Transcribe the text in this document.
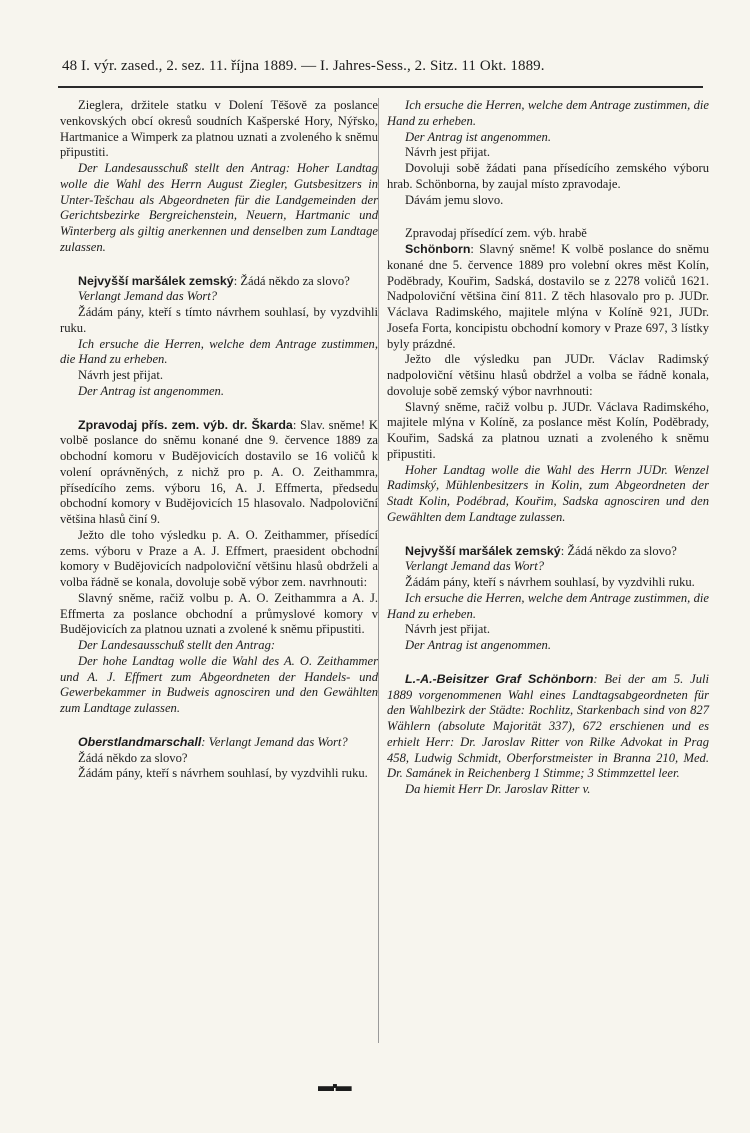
48 I. výr. zased., 2. sez. 11. října 1889. — I. Jahres-Sess., 2. Sitz. 11 Okt. 1889.

Zieglera, držitele statku v Dolení Těšově za poslance venkovských obcí okresů soudních Kašperské Hory, Nýřsko, Hartmanice a Wimperk za platnou uznati a zvoleného k sněmu připustiti.

Der Landesausschuß stellt den Antrag: Hoher Landtag wolle die Wahl des Herrn August Ziegler, Gutsbesitzers in Unter-Tešchau als Abgeordneten für die Landgemeinden der Gerichtsbezirke Bergreichenstein, Neuern, Hartmanic und Winterberg als giltig anerkennen und denselben zum Landtage zulassen.

Nejvyšší maršálek zemský: Žádá někdo za slovo?

Verlangt Jemand das Wort?

Žádám pány, kteří s tímto návrhem souhlasí, by vyzdvihli ruku.

Ich ersuche die Herren, welche dem Antrage zustimmen, die Hand zu erheben.

Návrh jest přijat.

Der Antrag ist angenommen.

Zpravodaj přís. zem. výb. dr. Škarda: Slav. sněme! K volbě poslance do sněmu konané dne 9. července 1889 za obchodní komoru v Budějovicích dostavilo se 16 voličů k volení oprávněných, z nichž pro p. A. O. Zeithammra, přísedícího zems. výboru 16, A. J. Effmerta, předsedu obchodní komory v Budějovicích 15 hlasovalo. Nadpoloviční většina hlasů činí 9.

Ježto dle toho výsledku p. A. O. Zeithammer, přísedící zems. výboru v Praze a A. J. Effmert, praesident obchodní komory v Budějovicích nadpoloviční většinu hlasů obdrželi a volba řádně se konala, dovoluje sobě výbor zem. navrhnouti:

Slavný sněme, račiž volbu p. A. O. Zeithammra a A. J. Effmerta za poslance obchodní a průmyslové komory v Budějovicích za platnou uznati a zvolené k sněmu připustiti.

Der Landesausschuß stellt den Antrag:

Der hohe Landtag wolle die Wahl des A. O. Zeithammer und A. J. Effmert zum Abgeordneten der Handels- und Gewerbekammer in Budweis agnosciren und den Gewählten zum Landtage zulassen.

Oberstlandmarschall: Verlangt Jemand das Wort?

Žádá někdo za slovo?

Žádám pány, kteří s návrhem souhlasí, by vyzdvihli ruku.

Ich ersuche die Herren, welche dem Antrage zustimmen, die Hand zu erheben.

Der Antrag ist angenommen.

Návrh jest přijat.

Dovoluji sobě žádati pana přísedícího zemského výboru hrab. Schönborna, by zaujal místo zpravodaje.

Dávám jemu slovo.

Zpravodaj přísedící zem. výb. hrabě

Schönborn: Slavný sněme! K volbě poslance do sněmu konané dne 5. července 1889 pro volební okres měst Kolín, Poděbrady, Kouřim, Sadská, dostavilo se z 2278 voličů 1621. Nadpoloviční většina činí 811. Z těch hlasovalo pro p. JUDr. Václava Radimského, majitele mlýna v Kolíně 921, JUDr. Josefa Forta, koncipistu obchodní komory v Praze 697, 3 lístky byly prázdné.

Ježto dle výsledku pan JUDr. Václav Radimský nadpoloviční většinu hlasů obdržel a volba se řádně konala, dovoluje sobě zemský výbor navrhnouti:

Slavný sněme, račiž volbu p. JUDr. Václava Radimského, majitele mlýna v Kolíně, za poslance měst Kolín, Poděbrady, Kouřim, Sadská za platnou uznati a zvoleného k sněmu připustiti.

Hoher Landtag wolle die Wahl des Herrn JUDr. Wenzel Radimský, Mühlenbesitzers in Kolin, zum Abgeordneten der Stadt Kolin, Podébrad, Kouřim, Sadska agnosciren und den Gewählten dem Landtage zulassen.

Nejvyšší maršálek zemský: Žádá někdo za slovo?

Verlangt Jemand das Wort?

Žádám pány, kteří s návrhem souhlasí, by vyzdvihli ruku.

Ich ersuche die Herren, welche dem Antrage zustimmen, die Hand zu erheben.

Návrh jest přijat.

Der Antrag ist angenommen.

L.-A.-Beisitzer Graf Schönborn: Bei der am 5. Juli 1889 vorgenommenen Wahl eines Landtagsabgeordneten für den Wahlbezirk der Städte: Rochlitz, Starkenbach sind von 827 Wählern (absolute Majorität 337), 672 erschienen und es erhielt Herr: Dr. Jaroslav Ritter von Rilke Advokat in Prag 458, Ludwig Schmidt, Oberforstmeister in Branna 210, Med. Dr. Samánek in Reichenberg 1 Stimme; 3 Stimmzettel leer.

Da hiemit Herr Dr. Jaroslav Ritter v.

▬▪▬
